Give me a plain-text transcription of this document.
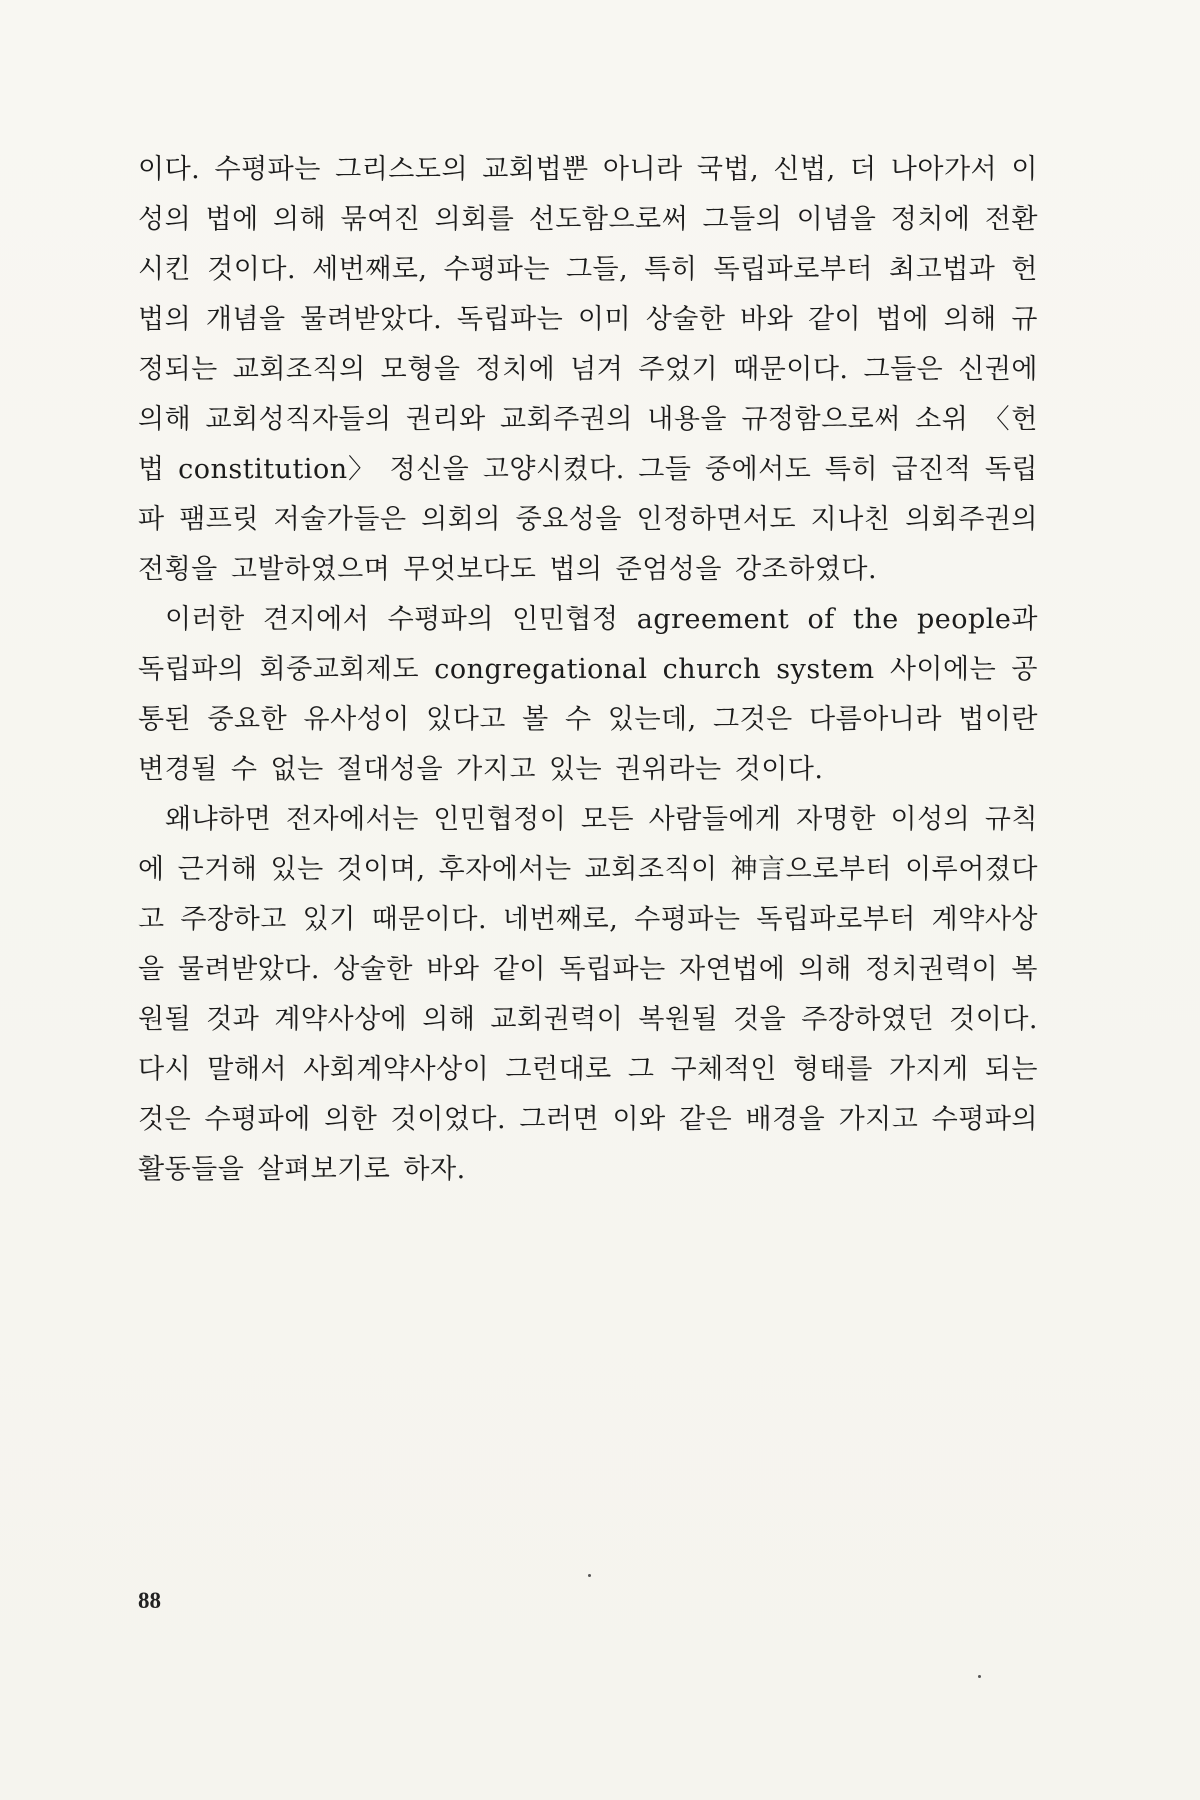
이다. 수평파는 그리스도의 교회법뿐 아니라 국법, 신법, 더 나아가서 이성의 법에 의해 묶여진 의회를 선도함으로써 그들의 이념을 정치에 전환시킨 것이다. 세번째로, 수평파는 그들, 특히 독립파로부터 최고법과 헌법의 개념을 물려받았다. 독립파는 이미 상술한 바와 같이 법에 의해 규정되는 교회조직의 모형을 정치에 넘겨 주었기 때문이다. 그들은 신권에 의해 교회성직자들의 권리와 교회주권의 내용을 규정함으로써 소위 〈헌법 constitution〉 정신을 고양시켰다. 그들 중에서도 특히 급진적 독립파 팸프릿 저술가들은 의회의 중요성을 인정하면서도 지나친 의회주권의 전횡을 고발하였으며 무엇보다도 법의 준엄성을 강조하였다.

이러한 견지에서 수평파의 인민협정 agreement of the people과 독립파의 회중교회제도 congregational church system 사이에는 공통된 중요한 유사성이 있다고 볼 수 있는데, 그것은 다름아니라 법이란 변경될 수 없는 절대성을 가지고 있는 권위라는 것이다.

왜냐하면 전자에서는 인민협정이 모든 사람들에게 자명한 이성의 규칙에 근거해 있는 것이며, 후자에서는 교회조직이 神言으로부터 이루어졌다고 주장하고 있기 때문이다. 네번째로, 수평파는 독립파로부터 계약사상을 물려받았다. 상술한 바와 같이 독립파는 자연법에 의해 정치권력이 복원될 것과 계약사상에 의해 교회권력이 복원될 것을 주장하였던 것이다. 다시 말해서 사회계약사상이 그런대로 그 구체적인 형태를 가지게 되는 것은 수평파에 의한 것이었다. 그러면 이와 같은 배경을 가지고 수평파의 활동들을 살펴보기로 하자.

88
